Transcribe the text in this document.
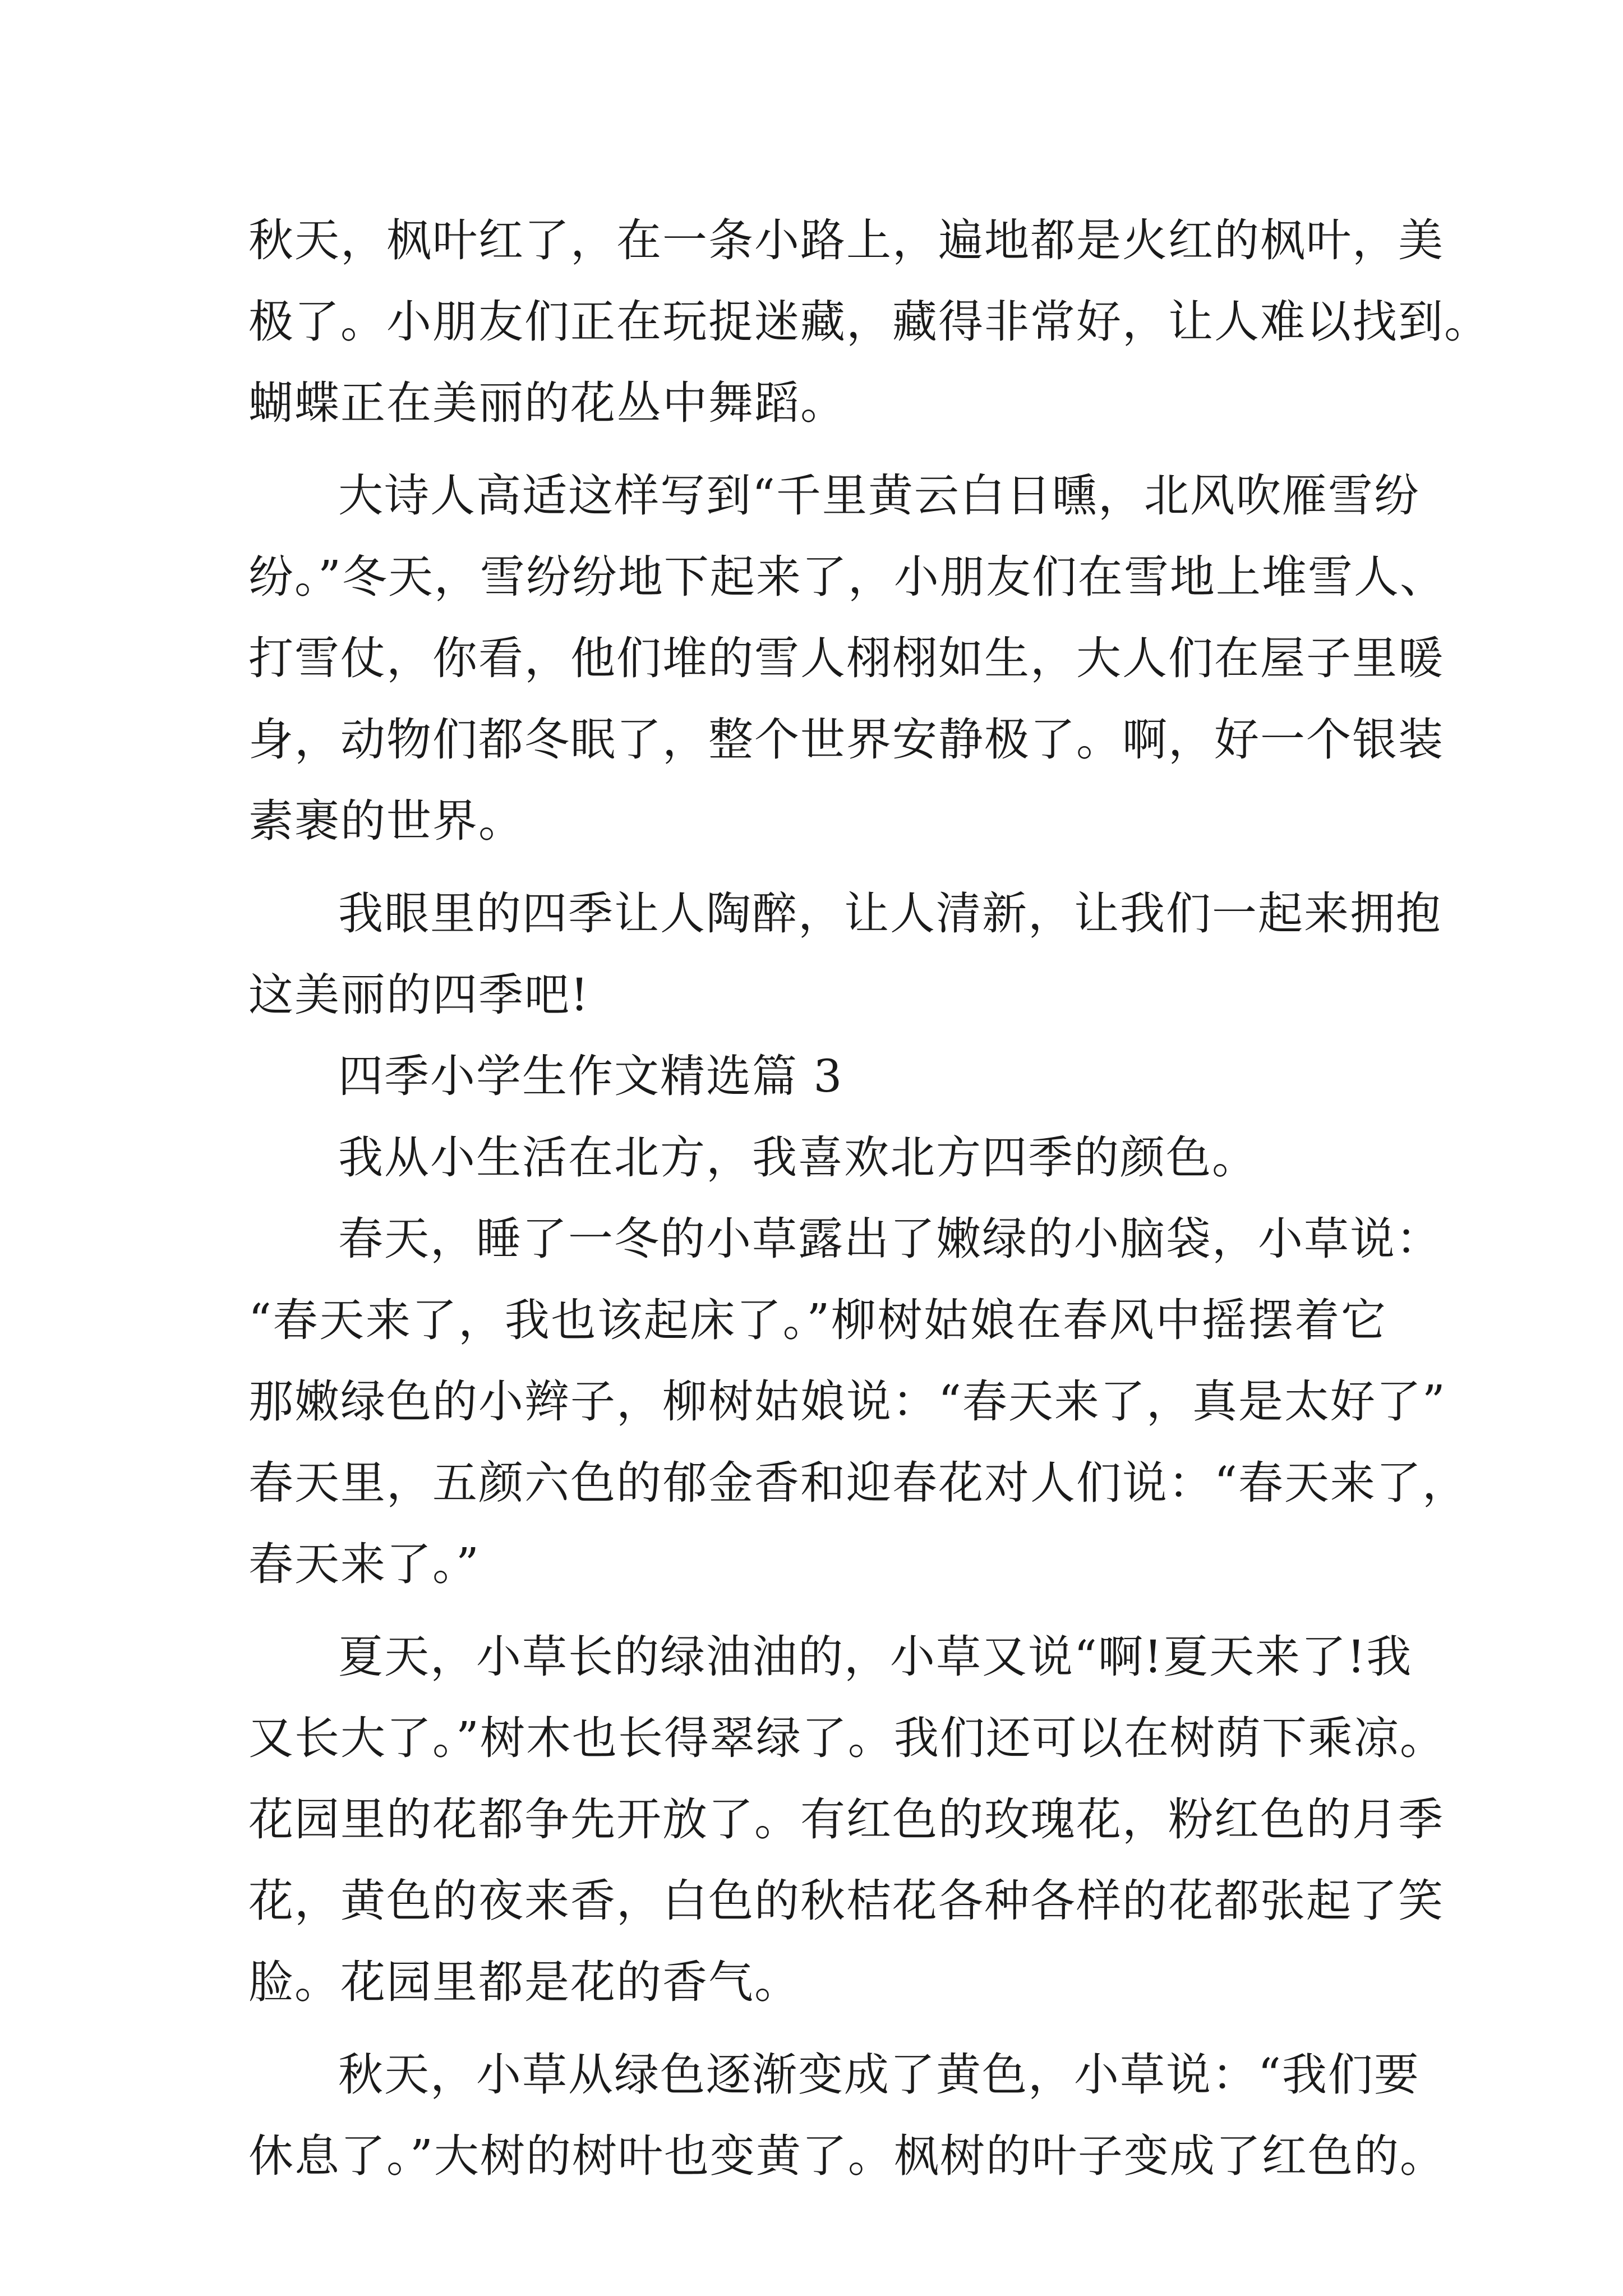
秋天，枫叶红了，在一条小路上，遍地都是火红的枫叶，美
极了。小朋友们正在玩捉迷藏，藏得非常好，让人难以找到。
蝴蝶正在美丽的花丛中舞蹈。
大诗人高适这样写到“千里黄云白日曛，北风吹雁雪纷
纷。”冬天，雪纷纷地下起来了，小朋友们在雪地上堆雪人、
打雪仗，你看，他们堆的雪人栩栩如生，大人们在屋子里暖
身，动物们都冬眠了，整个世界安静极了。啊，好一个银装
素裹的世界。
我眼里的四季让人陶醉，让人清新，让我们一起来拥抱
这美丽的四季吧!
四季小学生作文精选篇 3
我从小生活在北方，我喜欢北方四季的颜色。
春天，睡了一冬的小草露出了嫩绿的小脑袋，小草说：
“春天来了，我也该起床了。”柳树姑娘在春风中摇摆着它
那嫩绿色的小辫子，柳树姑娘说：“春天来了，真是太好了”
春天里，五颜六色的郁金香和迎春花对人们说：“春天来了，
春天来了。”
夏天，小草长的绿油油的，小草又说“啊!夏天来了!我
又长大了。”树木也长得翠绿了。我们还可以在树荫下乘凉。
花园里的花都争先开放了。有红色的玫瑰花，粉红色的月季
花，黄色的夜来香，白色的秋桔花各种各样的花都张起了笑
脸。花园里都是花的香气。
秋天，小草从绿色逐渐变成了黄色，小草说：“我们要
休息了。”大树的树叶也变黄了。枫树的叶子变成了红色的。
